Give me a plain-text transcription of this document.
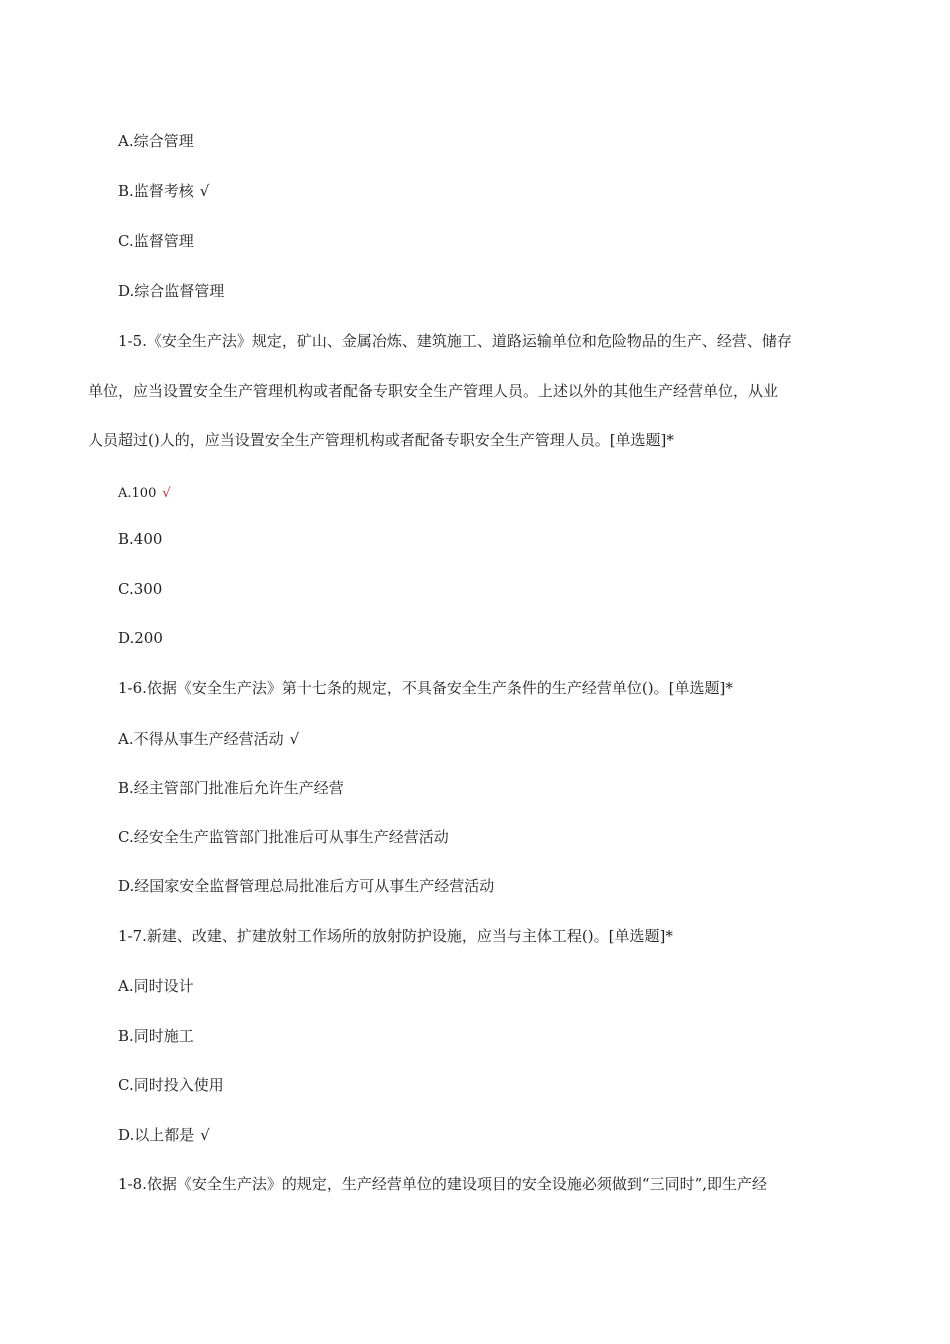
A.综合管理
B.监督考核 √
C.监督管理
D.综合监督管理
1-5.《安全生产法》规定，矿山、金属冶炼、建筑施工、道路运输单位和危险物品的生产、经营、储存
单位，应当设置安全生产管理机构或者配备专职安全生产管理人员。上述以外的其他生产经营单位，从业
人员超过()人的，应当设置安全生产管理机构或者配备专职安全生产管理人员。[单选题]*
A.100 √
B.400
C.300
D.200
1-6.依据《安全生产法》第十七条的规定，不具备安全生产条件的生产经营单位()。[单选题]*
A.不得从事生产经营活动 √
B.经主管部门批准后允许生产经营
C.经安全生产监管部门批准后可从事生产经营活动
D.经国家安全监督管理总局批准后方可从事生产经营活动
1-7.新建、改建、扩建放射工作场所的放射防护设施，应当与主体工程()。[单选题]*
A.同时设计
B.同时施工
C.同时投入使用
D.以上都是 √
1-8.依据《安全生产法》的规定，生产经营单位的建设项目的安全设施必须做到“三同时”,即生产经
